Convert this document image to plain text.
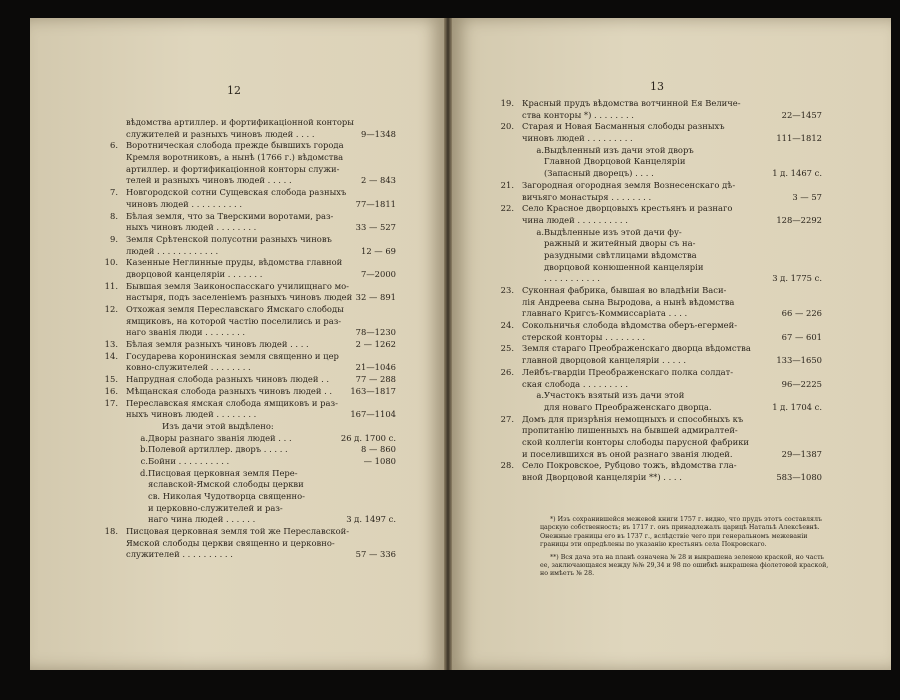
12
вѣдомства артиллер. и фортификаціонной конторы
служителей и разныхъ чиновъ людей . . . .	9—1348
6. Воротническая слобода прежде бывшихъ города
Кремля воротниковъ, а нынѣ (1766 г.) вѣдомства
артиллер. и фортификаціонной конторы служи-
телей и разныхъ чиновъ людей . . . . .	2 — 843
7. Новгородской сотни Сущевская слобода разныхъ
чиновъ людей . . . . . . . . . .	77—1811
8. Бѣлая земля, что за Тверскими воротами, раз-
ныхъ чиновъ людей . . . . . . . .	33 — 527
9. Земля Срѣтенской полусотни разныхъ чиновъ
людей . . . . . . . . . . . .	12 — 69
10. Казенные Неглинные пруды, вѣдомства главной
дворцовой канцеляріи . . . . . . .	7—2000
11. Бывшая земля Заиконоспасскаго училищнаго мо-
настыря, подъ заселеніемъ разныхъ чиновъ людей 32 — 891
12. Отхожая земля Переславскаго Ямскаго слободы
ямщиковъ, на которой частію поселились и раз-
наго званія люди . . . . . . . .	78—1230
13. Бѣлая земля разныхъ чиновъ людей . . . .	2 — 1262
14. Государева коронинская земля священно и цер
ковно-служителей . . . . . . . .	21—1046
15. Напрудная слобода разныхъ чиновъ людей . .	77 — 288
16. Мѣщанская слобода разныхъ чиновъ людей . . 163—1817
17. Переславская ямская слобода ямщиковъ и раз-
ныхъ чиновъ людей . . . . . . . .	167—1104
Изъ дачи этой выдѣлено:
a. Дворы разнаго званія людей . . .	26 д. 1700 с.
b. Полевой артиллер. дворъ . . . . .	8 — 860
c. Бойни . . . . . . . . . .	— 1080
d. Писцовая церковная земля Пере-
яславской-Ямской слободы церкви
св. Николая Чудотворца священно-
и церковно-служителей и раз-
наго чина людей . . . . . .	3 д. 1497 с.
18. Писцовая церковная земля той же Переславской-
Ямской слободы церкви священно и церковно-
служителей . . . . . . . . . .	57 — 336
13
19. Красный прудъ вѣдомства вотчинной Ея Величе-
ства конторы *) . . . . . . . .	22—1457
20. Старая и Новая Басманныя слободы разныхъ
чиновъ людей . . . . . . . . .	111—1812
a. Выдѣленный изъ дачи этой дворъ
Главной Дворцовой Канцеляріи
(Запасный дворецъ) . . . .	1 д. 1467 с.
21. Загородная огородная земля Вознесенскаго дѣ-
вичьяго монастыря . . . . . . . .	3 — 57
22. Село Красное дворцовыхъ крестьянъ и разнаго
чина людей . . . . . . . . . .	128—2292
a. Выдѣленные изъ этой дачи фу-
ражный и житейный дворы съ на-
разудными свѣтлицами вѣдомства
дворцовой конюшенной канцеляріи
. . . . . . . . . . .	3 д. 1775 с.
23. Суконная фабрика, бывшая во владѣніи Васи-
лія Андреева сына Выродова, а нынѣ вѣдомства
главнаго Кригсъ-Коммиссаріата . . . .	66 — 226
24. Сокольничья слобода вѣдомства оберъ-егермей-
стерской конторы . . . . . . . .	67 — 601
25. Земля стараго Преображенскаго дворца вѣдомства
главной дворцовой канцеляріи . . . . .	133—1650
26. Лейбъ-гвардіи Преображенскаго полка солдат-
ская слобода . . . . . . . . .	96—2225
a. Участокъ взятый изъ дачи этой
для новаго Преображенскаго дворца.	1 д. 1704 с.
27. Домъ для призрѣнія немощныхъ и способныхъ къ
пропитанію лишенныхъ на бывшей адмиралтей-
ской коллегіи конторы слободы парусной фабрики
и поселившихся въ оной разнаго званія людей.	29—1387
28. Село Покровское, Рубцово тожъ, вѣдомства гла-
вной Дворцовой канцеляріи **) . . . .	583—1080

*) Изъ сохранившейся межевой книги 1757 г. видно, что прудъ этотъ составлялъ царскую собственность; въ 1717 г. онъ принадлежалъ царицѣ Натальѣ Алексѣевнѣ. Онежные границы его въ 1737 г., вслѣдствіе чего при генеральномъ межеваніи границы эти опредѣлены по указанію крестьянъ села Покровскаго.

**) Вся дача эта на планѣ означена № 28 и выкрашена зеленою краской, но часть ее, заключающаяся между №№ 29,34 и 98 по ошибкѣ выкрашена фіолетовой краской, но имѣетъ № 28.
